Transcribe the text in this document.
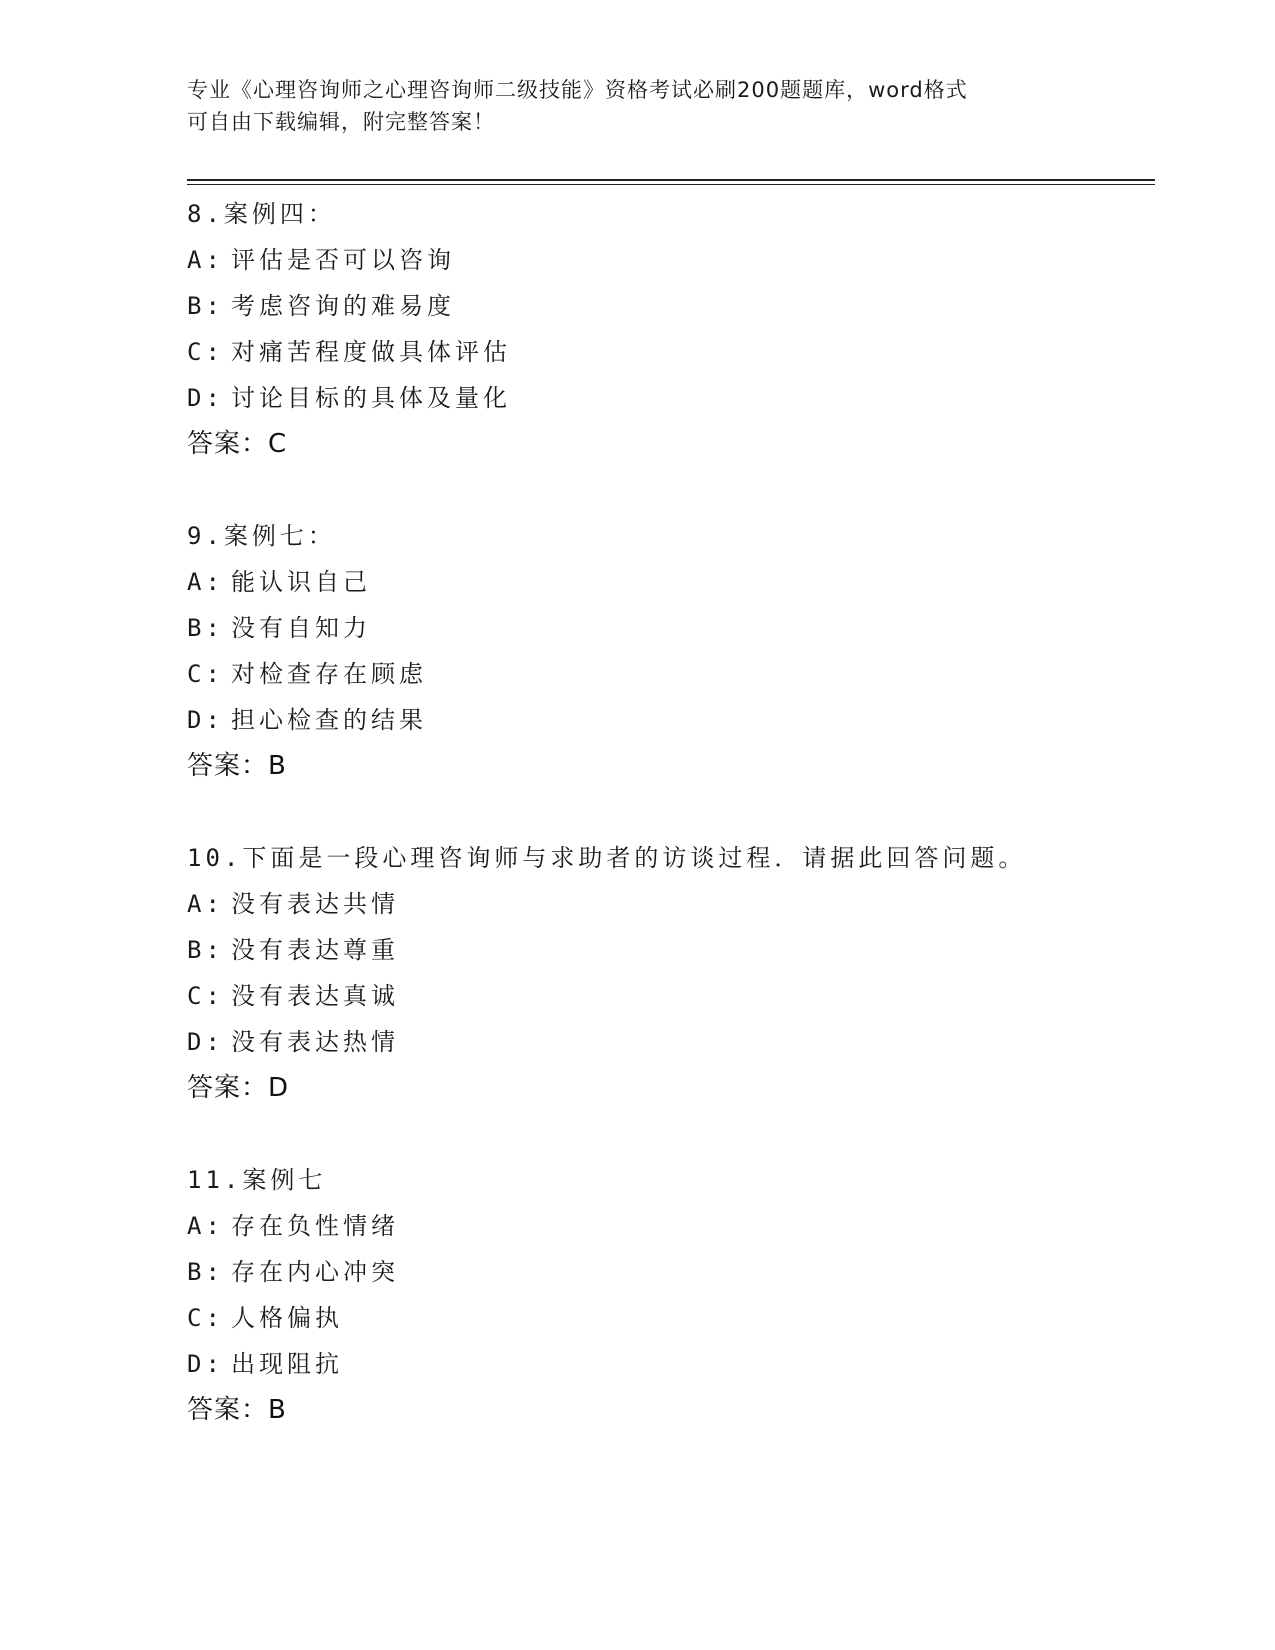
专业《心理咨询师之心理咨询师二级技能》资格考试必刷200题题库，word格式
可自由下载编辑，附完整答案！
8.案例四：
A: 评估是否可以咨询
B: 考虑咨询的难易度
C: 对痛苦程度做具体评估
D: 讨论目标的具体及量化
答案：C
9.案例七：
A: 能认识自己
B: 没有自知力
C: 对检查存在顾虑
D: 担心检查的结果
答案：B
10.下面是一段心理咨询师与求助者的访谈过程．请据此回答问题。
A: 没有表达共情
B: 没有表达尊重
C: 没有表达真诚
D: 没有表达热情
答案：D
11.案例七
A: 存在负性情绪
B: 存在内心冲突
C: 人格偏执
D: 出现阻抗
答案：B
